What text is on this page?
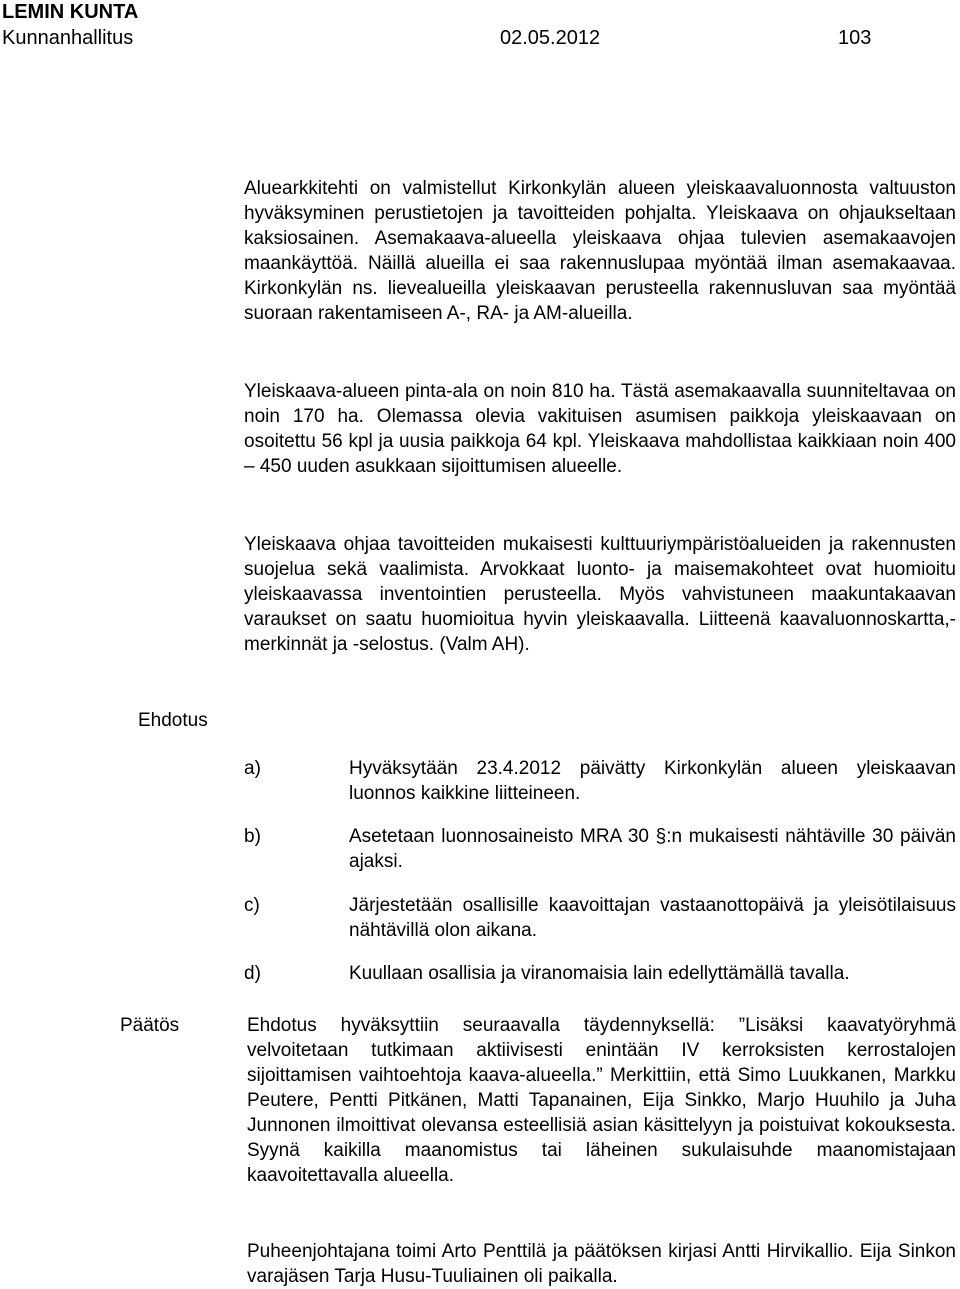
LEMIN KUNTA
Kunnanhallitus	02.05.2012	103
Aluearkkitehti on valmistellut Kirkonkylän alueen yleiskaavaluonnosta valtuuston hyväksyminen perustietojen ja tavoitteiden pohjalta. Yleiskaava on ohjaukseltaan kaksiosainen. Asemakaava-alueella yleiskaava ohjaa tulevien asemakaavojen maankäyttöä. Näillä alueilla ei saa rakennuslupaa myöntää ilman asemakaavaa. Kirkonkylän ns. lievealueilla yleiskaavan perusteella rakennusluvan saa myöntää suoraan rakentamiseen A-, RA- ja AM-alueilla.
Yleiskaava-alueen pinta-ala on noin 810 ha. Tästä asemakaavalla suunniteltavaa on noin 170 ha. Olemassa olevia vakituisen asumisen paikkoja yleiskaavaan on osoitettu 56 kpl ja uusia paikkoja 64 kpl. Yleiskaava mahdollistaa kaikkiaan noin 400 – 450 uuden asukkaan sijoittumisen alueelle.
Yleiskaava ohjaa tavoitteiden mukaisesti kulttuuriympäristöalueiden ja rakennusten suojelua sekä vaalimista. Arvokkaat luonto- ja maisemakohteet ovat huomioitu yleiskaavassa inventointien perusteella. Myös vahvistuneen maakuntakaavan varaukset on saatu huomioitua hyvin yleiskaavalla. Liitteenä kaavaluonnoskartta,- merkinnät ja -selostus. (Valm AH).
Ehdotus
a)	Hyväksytään 23.4.2012 päivätty Kirkonkylän alueen yleiskaavan luonnos kaikkine liitteineen.
b)	Asetetaan luonnosaineisto MRA 30 §:n mukaisesti nähtäville 30 päivän ajaksi.
c)	Järjestetään osallisille kaavoittajan vastaanottopäivä ja yleisötilaisuus nähtävillä olon aikana.
d)	Kuullaan osallisia ja viranomaisia lain edellyttämällä tavalla.
Päätös	Ehdotus hyväksyttiin seuraavalla täydennyksellä: ”Lisäksi kaavatyöryhmä velvoitetaan tutkimaan aktiivisesti enintään IV kerroksisten kerrostalojen sijoittamisen vaihtoehtoja kaava-alueella.” Merkittiin, että Simo Luukkanen, Markku Peutere, Pentti Pitkänen, Matti Tapanainen, Eija Sinkko, Marjo Huuhilo ja Juha Junnonen ilmoittivat olevansa esteellisiä asian käsittelyyn ja poistuivat kokouksesta. Syynä kaikilla maanomistus tai läheinen sukulaisuhde maanomistajaan kaavoitettavalla alueella.
Puheenjohtajana toimi Arto Penttilä ja päätöksen kirjasi Antti Hirvikallio. Eija Sinkon varajäsen Tarja Husu-Tuuliainen oli paikalla.
